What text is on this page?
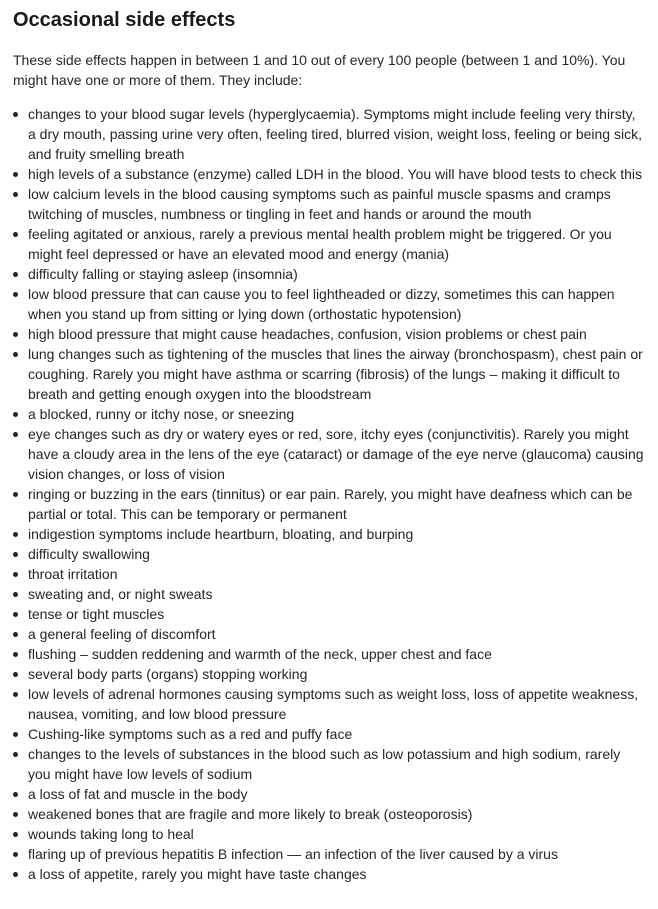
Occasional side effects

These side effects happen in between 1 and 10 out of every 100 people (between 1 and 10%). You might have one or more of them. They include:

changes to your blood sugar levels (hyperglycaemia). Symptoms might include feeling very thirsty, a dry mouth, passing urine very often, feeling tired, blurred vision, weight loss, feeling or being sick, and fruity smelling breath
high levels of a substance (enzyme) called LDH in the blood. You will have blood tests to check this
low calcium levels in the blood causing symptoms such as painful muscle spasms and cramps twitching of muscles, numbness or tingling in feet and hands or around the mouth
feeling agitated or anxious, rarely a previous mental health problem might be triggered. Or you might feel depressed or have an elevated mood and energy (mania)
difficulty falling or staying asleep (insomnia)
low blood pressure that can cause you to feel lightheaded or dizzy, sometimes this can happen when you stand up from sitting or lying down (orthostatic hypotension)
high blood pressure that might cause headaches, confusion, vision problems or chest pain
lung changes such as tightening of the muscles that lines the airway (bronchospasm), chest pain or coughing. Rarely you might have asthma or scarring (fibrosis) of the lungs – making it difficult to breath and getting enough oxygen into the bloodstream
a blocked, runny or itchy nose, or sneezing
eye changes such as dry or watery eyes or red, sore, itchy eyes (conjunctivitis). Rarely you might have a cloudy area in the lens of the eye (cataract) or damage of the eye nerve (glaucoma) causing vision changes, or loss of vision
ringing or buzzing in the ears (tinnitus) or ear pain. Rarely, you might have deafness which can be partial or total. This can be temporary or permanent
indigestion symptoms include heartburn, bloating, and burping
difficulty swallowing
throat irritation
sweating and, or night sweats
tense or tight muscles
a general feeling of discomfort
flushing – sudden reddening and warmth of the neck, upper chest and face
several body parts (organs) stopping working
low levels of adrenal hormones causing symptoms such as weight loss, loss of appetite weakness, nausea, vomiting, and low blood pressure
Cushing-like symptoms such as a red and puffy face
changes to the levels of substances in the blood such as low potassium and high sodium, rarely you might have low levels of sodium
a loss of fat and muscle in the body
weakened bones that are fragile and more likely to break (osteoporosis)
wounds taking long to heal
flaring up of previous hepatitis B infection — an infection of the liver caused by a virus
a loss of appetite, rarely you might have taste changes
